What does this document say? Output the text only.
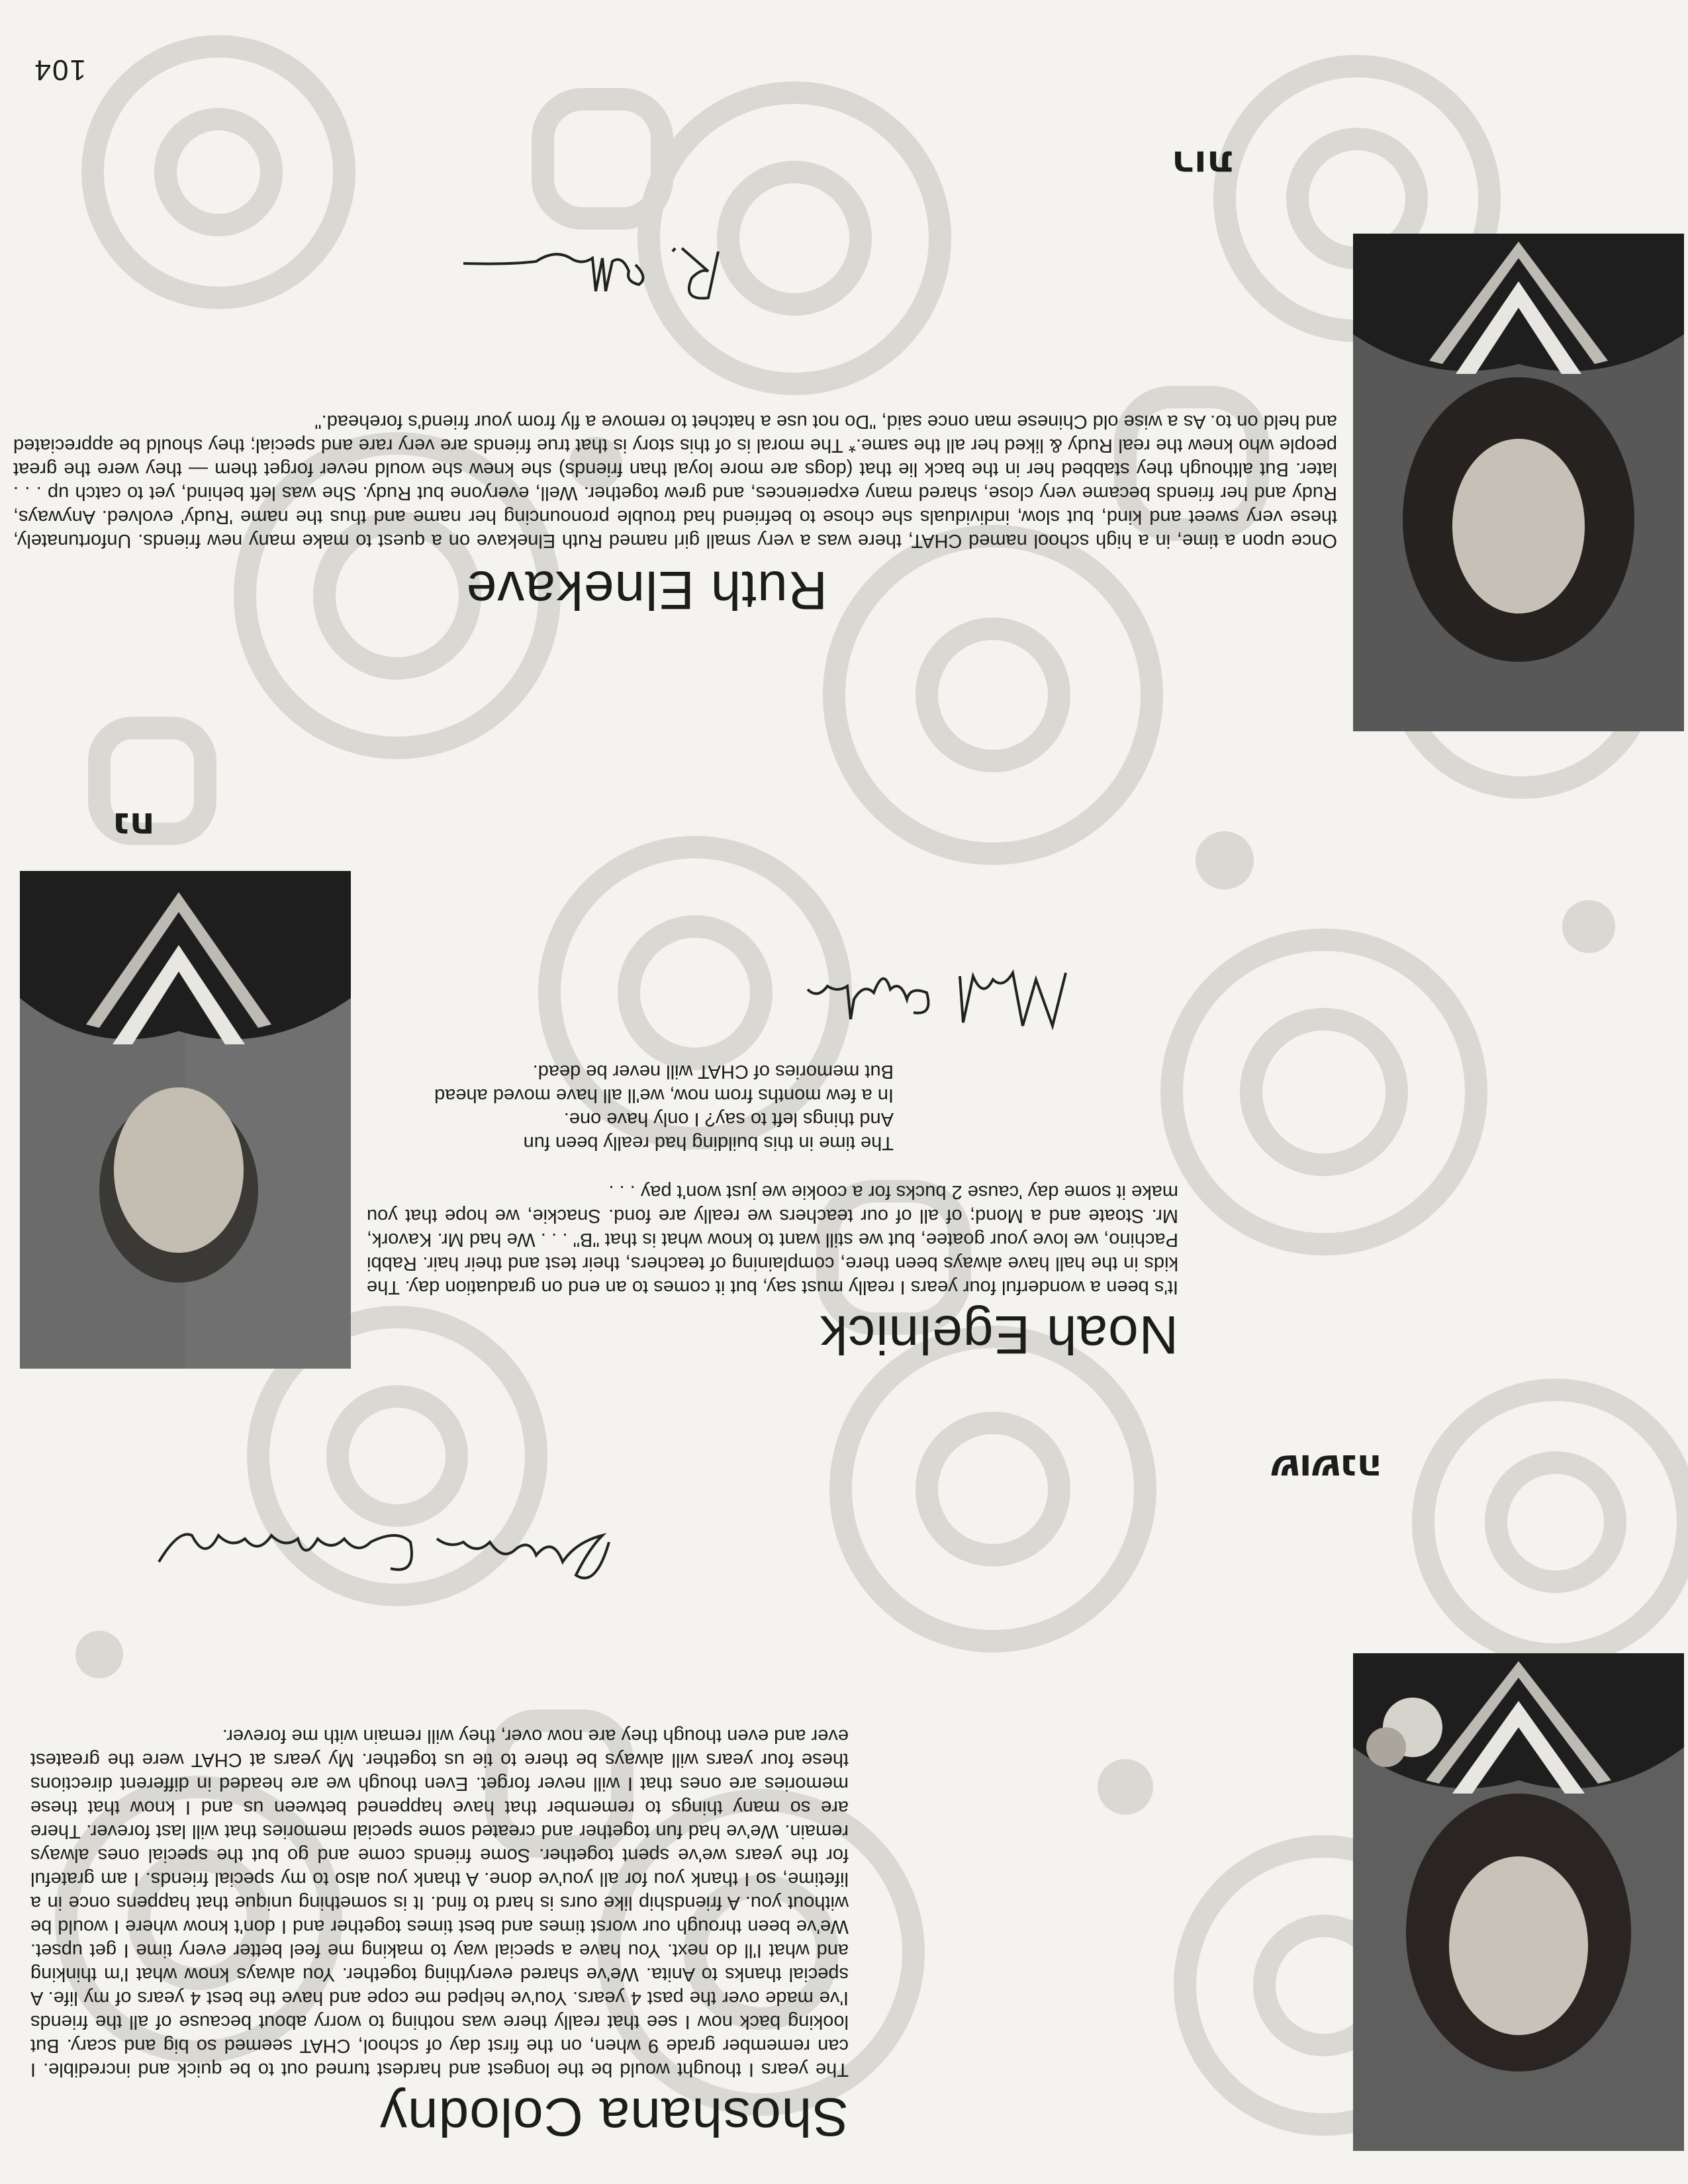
104
Shoshana Colodny

The years I thought would be the longest and hardest turned out to be quick and incredible. I can remember grade 9 when, on the first day of school, CHAT seemed so big and scary. But looking back now I see that really there was nothing to worry about because of all the friends I've made over the past 4 years. You've helped me cope and have the best 4 years of my life. A special thanks to Anita. We've shared everything together. You always know what I'm thinking and what I'll do next. You have a special way to making me feel better every time I get upset. We've been through our worst times and best times together and I don't know where I would be without you. A friendship like ours is hard to find. It is something unique that happens once in a lifetime, so I thank you for all you've done. A thank you also to my special friends. I am grateful for the years we've spent together. Some friends come and go but the special ones always remain. We've had fun together and created some special memories that will last forever. There are so many things to remember that have happened between us and I know that these memories are ones that I will never forget. Even though we are headed in different directions these four years will always be there to tie us together. My years at CHAT were the greatest ever and even though they are now over, they will remain with me forever.

שושנה
Noah Egelnick

It's been a wonderful four years I really must say, but it comes to an end on graduation day. The kids in the hall have always been there, complaining of teachers, their test and their hair. Rabbi Pachino, we love your goatee, but we still want to know what is that "B" . . . We had Mr. Kavork, Mr. Stoate and a Mond; of all of our teachers we really are fond. Snackie, we hope that you make it some day 'cause 2 bucks for a cookie we just won't pay . . .

The time in this building had really been fun
And things left to say? I only have one.
In a few months from now, we'll all have moved ahead
But memories of CHAT will never be dead.
נח
Ruth Elnekave

Once upon a time, in a high school named CHAT, there was a very small girl named Ruth Elnekave on a quest to make many new friends. Unfortunately, these very sweet and kind, but slow, individuals she chose to befriend had trouble pronouncing her name and thus the name 'Rudy' evolved. Anyways, Rudy and her friends became very close, shared many experiences, and grew together. Well, everyone but Rudy. She was left behind, yet to catch up . . . later. But although they stabbed her in the back lie that (dogs are more loyal than friends) she knew she would never forget them — they were the great people who knew the real Rudy & liked her all the same.* The moral is of this story is that true friends are very rare and special; they should be appreciated and held on to. As a wise old Chinese man once said, "Do not use a hatchet to remove a fly from your friend's forehead."

רות
